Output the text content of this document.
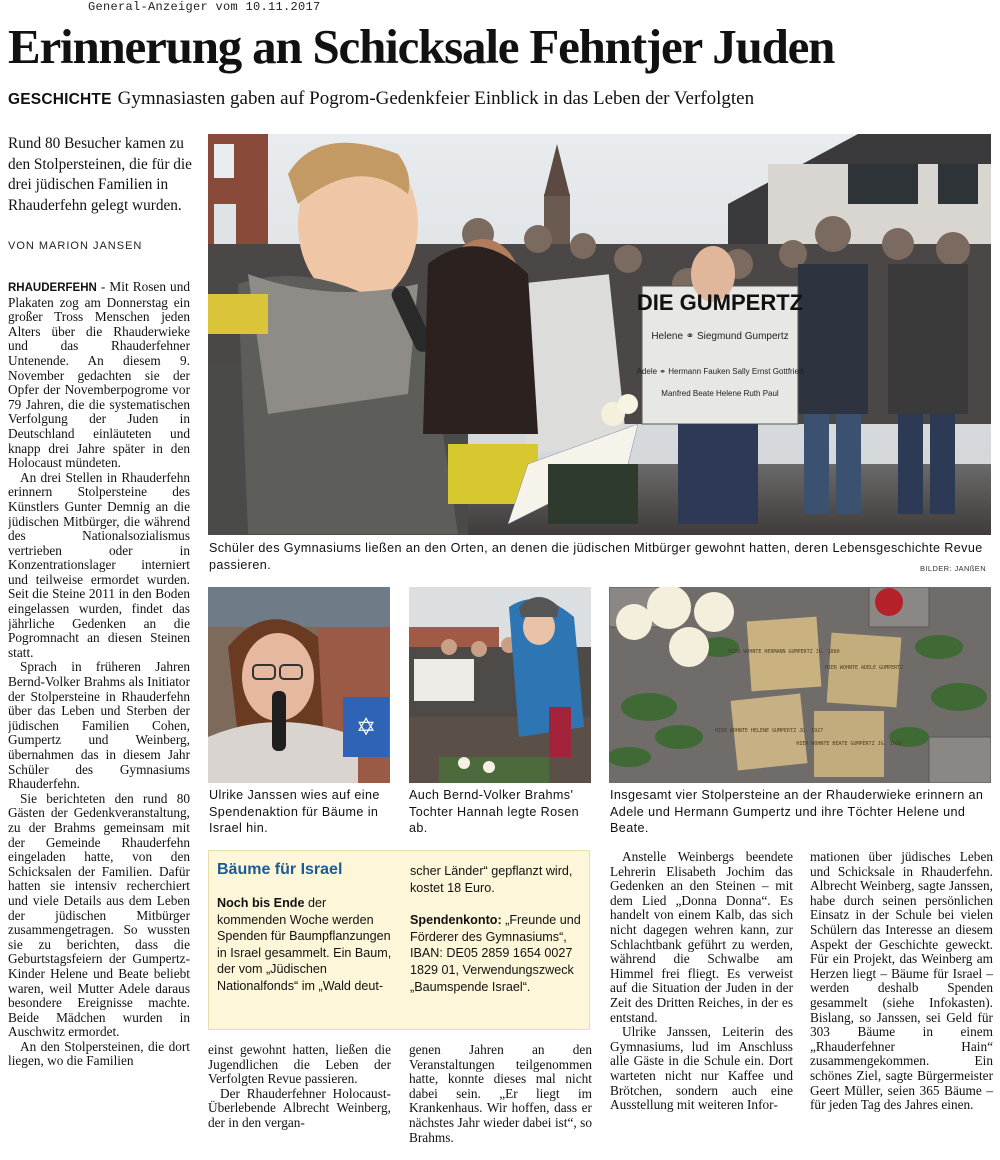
General-Anzeiger vom 10.11.2017
Erinnerung an Schicksale Fehntjer Juden
GESCHICHTE Gymnasiasten gaben auf Pogrom-Gedenkfeier Einblick in das Leben der Verfolgten
Rund 80 Besucher kamen zu den Stolpersteinen, die für die drei jüdischen Familien in Rhauderfehn gelegt wurden.
VON MARION JANSEN

RHAUDERFEHN - Mit Rosen und Plakaten zog am Donnerstag ein großer Tross Menschen jeden Alters über die Rhauderwieke und das Rhauderfehner Untenende. An diesem 9. November gedachten sie der Opfer der Novemberpogrome vor 79 Jahren, die die systematischen Verfolgung der Juden in Deutschland einläuteten und knapp drei Jahre später in den Holocaust mündeten.

An drei Stellen in Rhauderfehn erinnern Stolpersteine des Künstlers Gunter Demnig an die jüdischen Mitbürger, die während des Nationalsozialismus vertrieben oder in Konzentrationslager interniert und teilweise ermordet wurden. Seit die Steine 2011 in den Boden eingelassen wurden, findet das jährliche Gedenken an die Pogromnacht an diesen Steinen statt.

Sprach in früheren Jahren Bernd-Volker Brahms als Initiator der Stolpersteine in Rhauderfehn über das Leben und Sterben der jüdischen Familien Cohen, Gumpertz und Weinberg, übernahmen das in diesem Jahr Schüler des Gymnasiums Rhauderfehn.

Sie berichteten den rund 80 Gästen der Gedenkveranstaltung, zu der Brahms gemeinsam mit der Gemeinde Rhauderfehn eingeladen hatte, von den Schicksalen der Familien. Dafür hatten sie intensiv recherchiert und viele Details aus dem Leben der jüdischen Mitbürger zusammengetragen. So wussten sie zu berichten, dass die Geburtstagsfeiern der Gumpertz-Kinder Helene und Beate beliebt waren, weil Mutter Adele daraus besondere Ereignisse machte. Beide Mädchen wurden in Auschwitz ermordet.

An den Stolpersteinen, die dort liegen, wo die Familien

DIE GUMPERTZ
Helene ⚭ Siegmund Gumpertz
Adele ⚭ Hermann Fauken Sally Ernst Gottfried
Manfred Beate Helene Ruth Paul
Schüler des Gymnasiums ließen an den Orten, an denen die jüdischen Mitbürger gewohnt hatten, deren Lebensgeschichte Revue passieren.	BILDER: JANßEN
✡
Ulrike Janssen wies auf eine Spendenaktion für Bäume in Israel hin.
Auch Bernd-Volker Brahms' Tochter Hannah legte Rosen ab.
HIER WOHNTE HERMANN GUMPERTZ JG. 1880
HIER WOHNTE ADELE GUMPERTZ
HIER WOHNTE HELENE GUMPERTZ JG. 1927
HIER WOHNTE BEATE GUMPERTZ JG. 1929
Insgesamt vier Stolpersteine an der Rhauderwieke erinnern an Adele und Hermann Gumpertz und ihre Töchter Helene und Beate.
Bäume für Israel
Noch bis Ende der kommenden Woche werden Spenden für Baumpflanzungen in Israel gesammelt. Ein Baum, der vom „Jüdischen Nationalfonds“ im „Wald deut-
scher Länder“ gepflanzt wird, kostet 18 Euro.
Spendenkonto: „Freunde und Förderer des Gymnasiums“, IBAN: DE05 2859 1654 0027 1829 01, Verwendungszweck „Baumspende Israel“.

einst gewohnt hatten, ließen die Jugendlichen die Leben der Verfolgten Revue passieren.

Der Rhauderfehner Holocaust-Überlebende Albrecht Weinberg, der in den vergan-

genen Jahren an den Veranstaltungen teilgenommen hatte, konnte dieses mal nicht dabei sein. „Er liegt im Krankenhaus. Wir hoffen, dass er nächstes Jahr wieder dabei ist“, so Brahms.

Anstelle Weinbergs beendete Lehrerin Elisabeth Jochim das Gedenken an den Steinen – mit dem Lied „Donna Donna“. Es handelt von einem Kalb, das sich nicht dagegen wehren kann, zur Schlachtbank geführt zu werden, während die Schwalbe am Himmel frei fliegt. Es verweist auf die Situation der Juden in der Zeit des Dritten Reiches, in der es entstand.

Ulrike Janssen, Leiterin des Gymnasiums, lud im Anschluss alle Gäste in die Schule ein. Dort warteten nicht nur Kaffee und Brötchen, sondern auch eine Ausstellung mit weiteren Infor-

mationen über jüdisches Leben und Schicksale in Rhauderfehn. Albrecht Weinberg, sagte Janssen, habe durch seinen persönlichen Einsatz in der Schule bei vielen Schülern das Interesse an diesem Aspekt der Geschichte geweckt. Für ein Projekt, das Weinberg am Herzen liegt – Bäume für Israel – werden deshalb Spenden gesammelt (siehe Infokasten). Bislang, so Janssen, sei Geld für 303 Bäume in einem „Rhauderfehner Hain“ zusammengekommen. Ein schönes Ziel, sagte Bürgermeister Geert Müller, seien 365 Bäume –für jeden Tag des Jahres einen.
